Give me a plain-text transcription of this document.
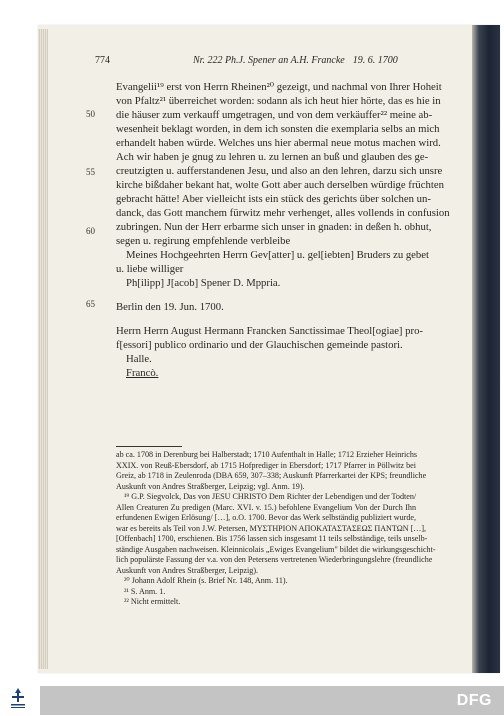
774	Nr. 222 Ph.J. Spener an A.H. Francke 19. 6. 1700
50
55
60
65
Evangelii¹⁹ erst von Herrn Rheinen²⁰ gezeigt, und nachmal von Ihrer Hoheit
von Pfaltz²¹ überreichet worden: sodann als ich heut hier hörte, das es hie in
die häuser zum verkauff umgetragen, und von dem verkäuffer²² meine ab-
wesenheit beklagt worden, in dem ich sonsten die exemplaria selbs an mich
erhandelt haben würde. Welches uns hier abermal neue motus machen wird.
Ach wir haben je gnug zu lehren u. zu lernen an buß und glauben des ge-
creutzigten u. aufferstandenen Jesu, und also an den lehren, darzu sich unsre
kirche bißdaher bekant hat, wolte Gott aber auch derselben würdige früchten
gebracht hätte! Aber vielleicht ists ein stück des gerichts über solchen un-
danck, das Gott manchem fürwitz mehr verhenget, alles vollends in confusion
zubringen. Nun der Herr erbarme sich unser in gnaden: in deßen h. obhut,
segen u. regirung empfehlende verbleibe
Meines Hochgeehrten Herrn Gev[atter] u. gel[iebten] Bruders zu gebet
u. liebe williger
Ph[ilipp] J[acob] Spener D. Mppria.
Berlin den 19. Jun. 1700.
Herrn Herrn August Hermann Francken Sanctissimae Theol[ogiae] pro-
f[essori] publico ordinario und der Glauchischen gemeinde pastori.
Halle.
Francò.
ab ca. 1708 in Derenburg bei Halberstadt; 1710 Aufenthalt in Halle; 1712 Erzieher Heinrichs
XXIX. von Reuß-Ebersdorf, ab 1715 Hofprediger in Ebersdorf; 1717 Pfarrer in Pöllwitz bei
Greiz, ab 1718 in Zeulenroda (DBA 659, 307–338; Auskunft Pfarrerkartei der KPS; freundliche
Auskunft von Andres Straßberger, Leipzig; vgl. Anm. 19).
¹⁹ G.P. Siegvolck, Das von JESU CHRISTO Dem Richter der Lebendigen und der Todten/
Allen Creaturen Zu predigen (Marc. XVI. v. 15.) befohlene Evangelium Von der Durch Ihn
erfundenen Ewigen Erlösung/ […], o.O. 1700. Bevor das Werk selbständig publiziert wurde,
war es bereits als Teil von J.W. Petersen, ΜΥΣΤΗΡΙΟΝ ΑΠΟΚΑΤΑΣΤΑΣΕΩΣ ΠΑΝΤΩΝ […],
[Offenbach] 1700, erschienen. Bis 1756 lassen sich insgesamt 11 teils selbständige, teils unselb-
ständige Ausgaben nachweisen. Kleinnicolais „Ewiges Evangelium" bildet die wirkungsgeschicht-
lich populärste Fassung der v.a. von den Petersens vertretenen Wiederbringungslehre (freundliche
Auskunft von Andres Straßberger, Leipzig).
²⁰ Johann Adolf Rhein (s. Brief Nr. 148, Anm. 11).
²¹ S. Anm. 1.
²² Nicht ermittelt.
DFG
